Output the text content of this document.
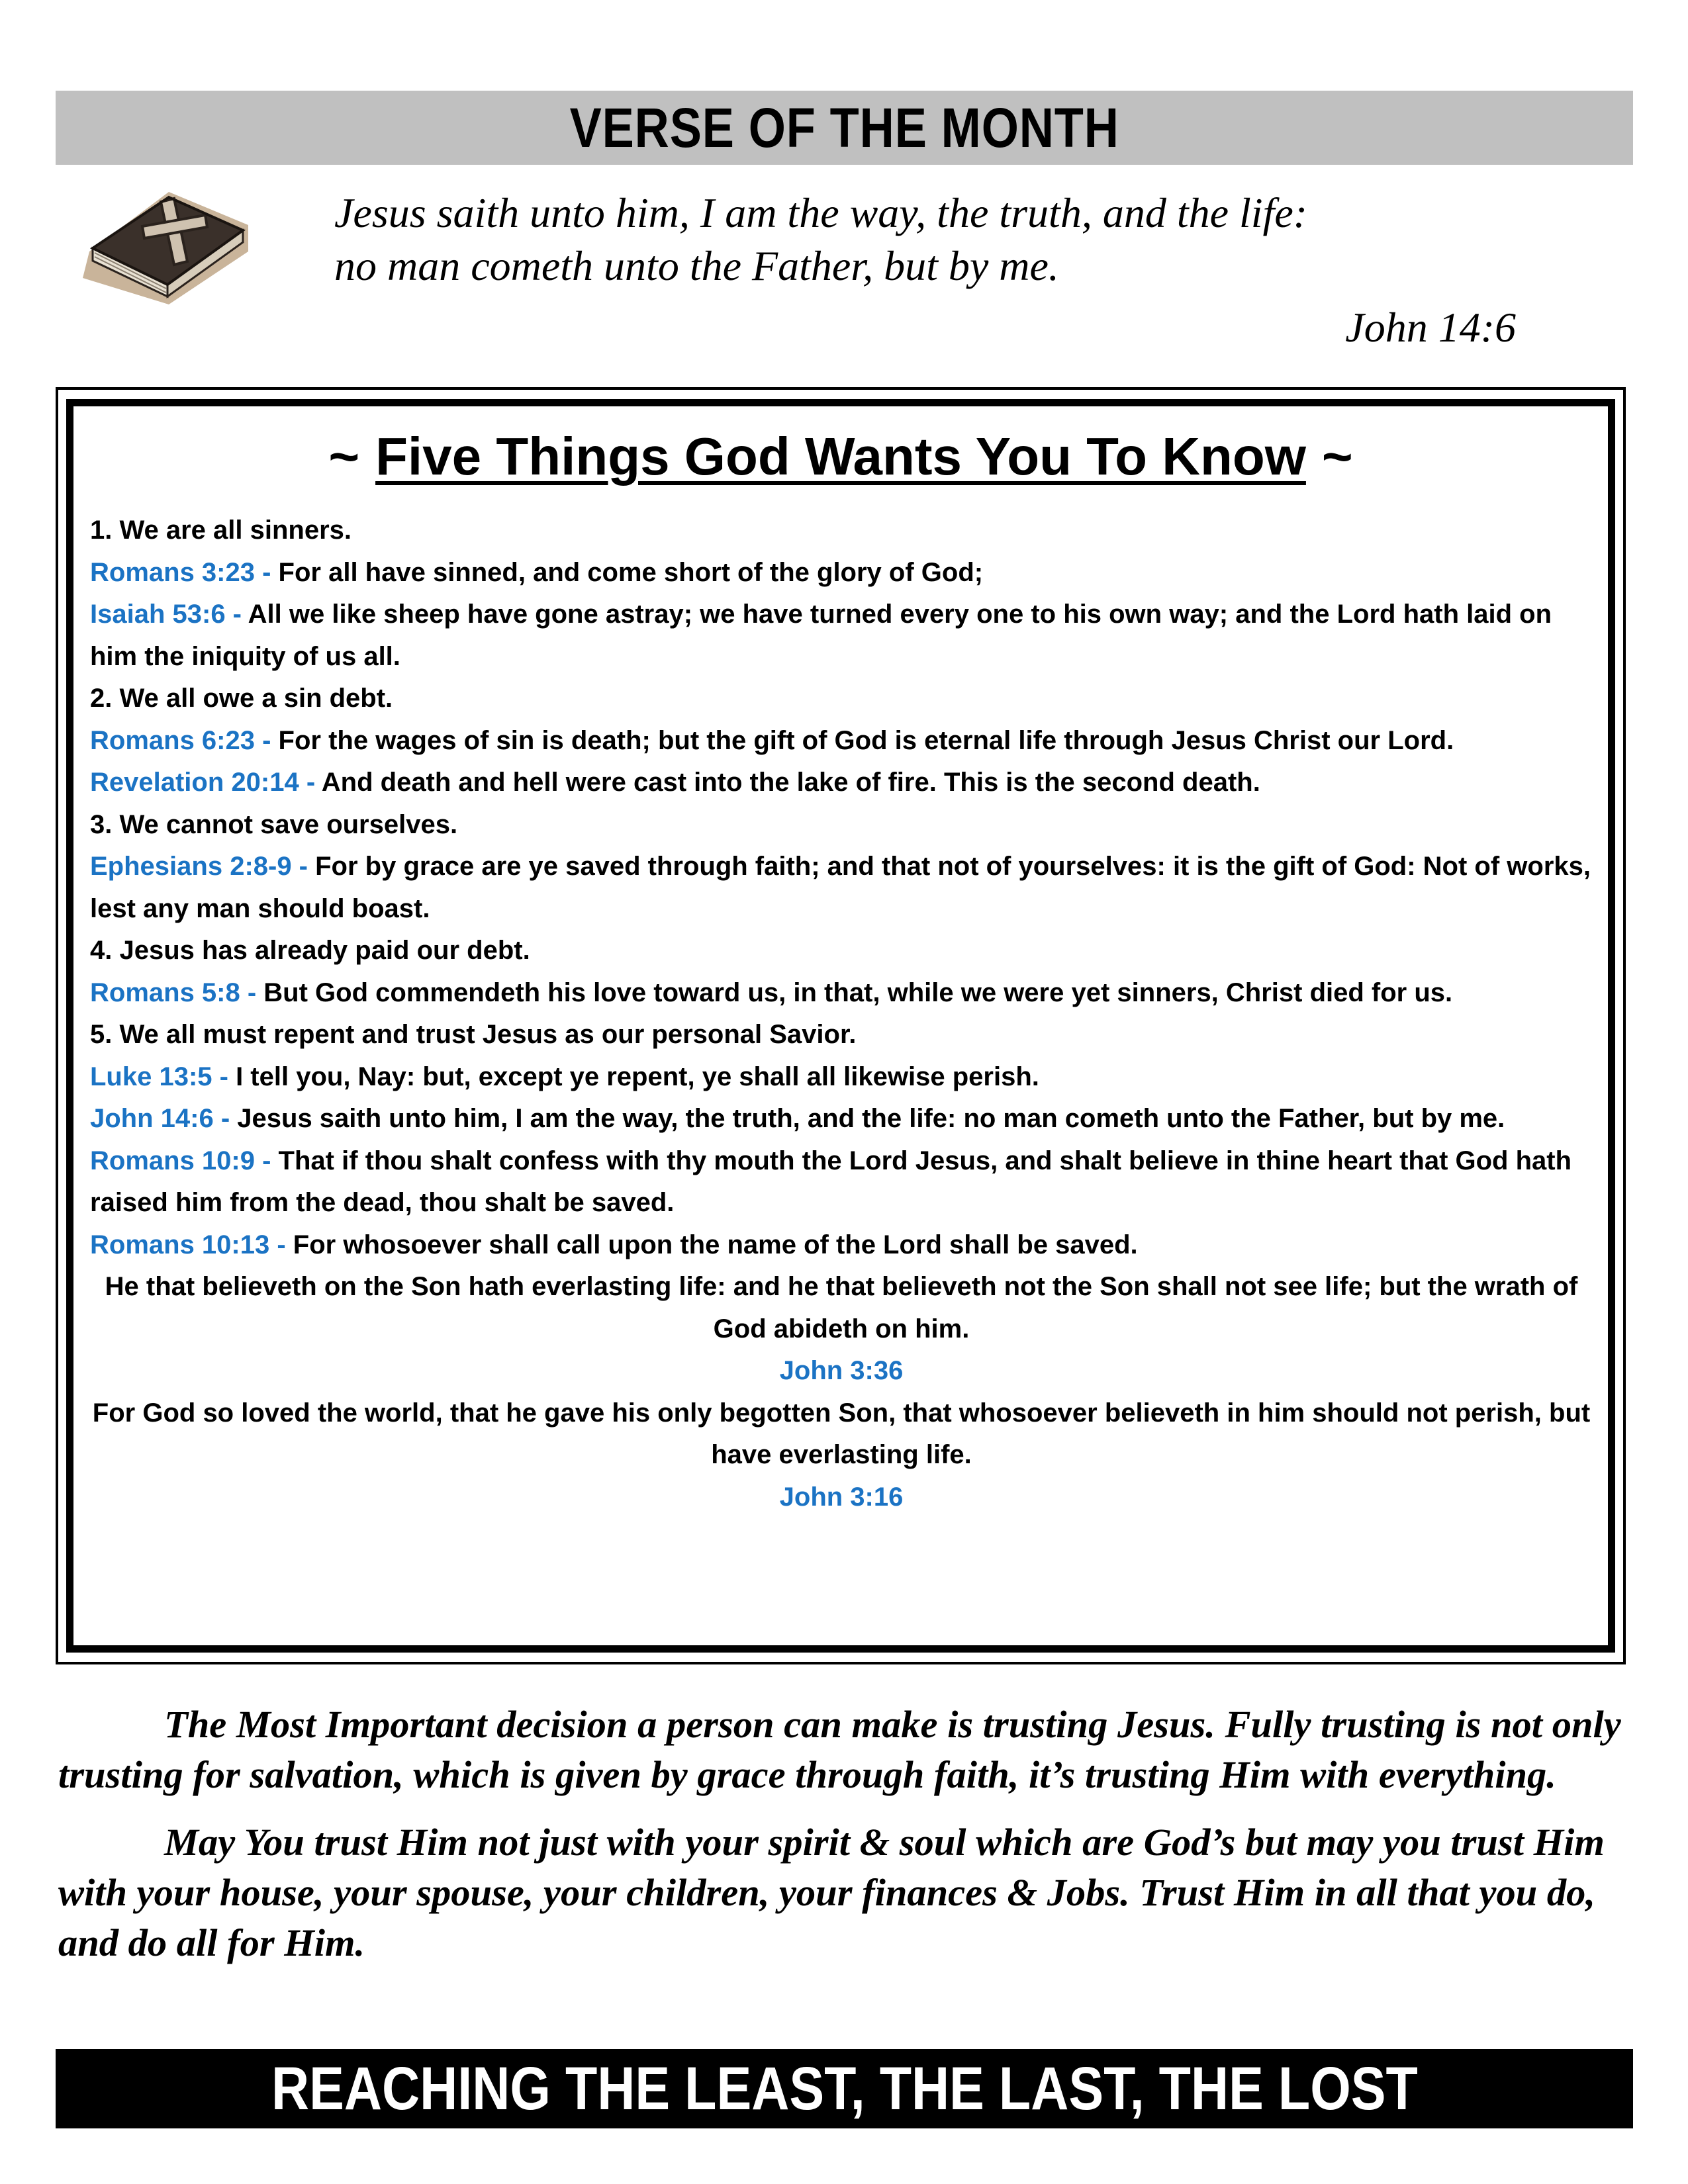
VERSE OF THE MONTH
Jesus saith unto him, I am the way, the truth, and the life:
no man cometh unto the Father, but by me.
John 14:6
~ Five Things God Wants You To Know ~

1. We are all sinners.

Romans 3:23 - For all have sinned, and come short of the glory of God;

Isaiah 53:6 - All we like sheep have gone astray; we have turned every one to his own way; and the Lord hath laid on him the iniquity of us all.

2. We all owe a sin debt.

Romans 6:23 - For the wages of sin is death; but the gift of God is eternal life through Jesus Christ our Lord.

Revelation 20:14 - And death and hell were cast into the lake of fire. This is the second death.

3. We cannot save ourselves.

Ephesians 2:8-9 - For by grace are ye saved through faith; and that not of yourselves: it is the gift of God: Not of works, lest any man should boast.

4. Jesus has already paid our debt.

Romans 5:8 - But God commendeth his love toward us, in that, while we were yet sinners, Christ died for us.

5. We all must repent and trust Jesus as our personal Savior.

Luke 13:5 - I tell you, Nay: but, except ye repent, ye shall all likewise perish.

John 14:6 - Jesus saith unto him, I am the way, the truth, and the life: no man cometh unto the Father, but by me.

Romans 10:9 - That if thou shalt confess with thy mouth the Lord Jesus, and shalt believe in thine heart that God hath raised him from the dead, thou shalt be saved.

Romans 10:13 - For whosoever shall call upon the name of the Lord shall be saved.

He that believeth on the Son hath everlasting life: and he that believeth not the Son shall not see life; but the wrath of God abideth on him.

John 3:36

For God so loved the world, that he gave his only begotten Son, that whosoever believeth in him should not perish, but have everlasting life.

John 3:16

The Most Important decision a person can make is trusting Jesus. Fully trusting is not only trusting for salvation, which is given by grace through faith, it’s trusting Him with everything.

May You trust Him not just with your spirit & soul which are God’s but may you trust Him with your house, your spouse, your children, your finances & Jobs. Trust Him in all that you do, and do all for Him.

REACHING THE LEAST, THE LAST, THE LOST
